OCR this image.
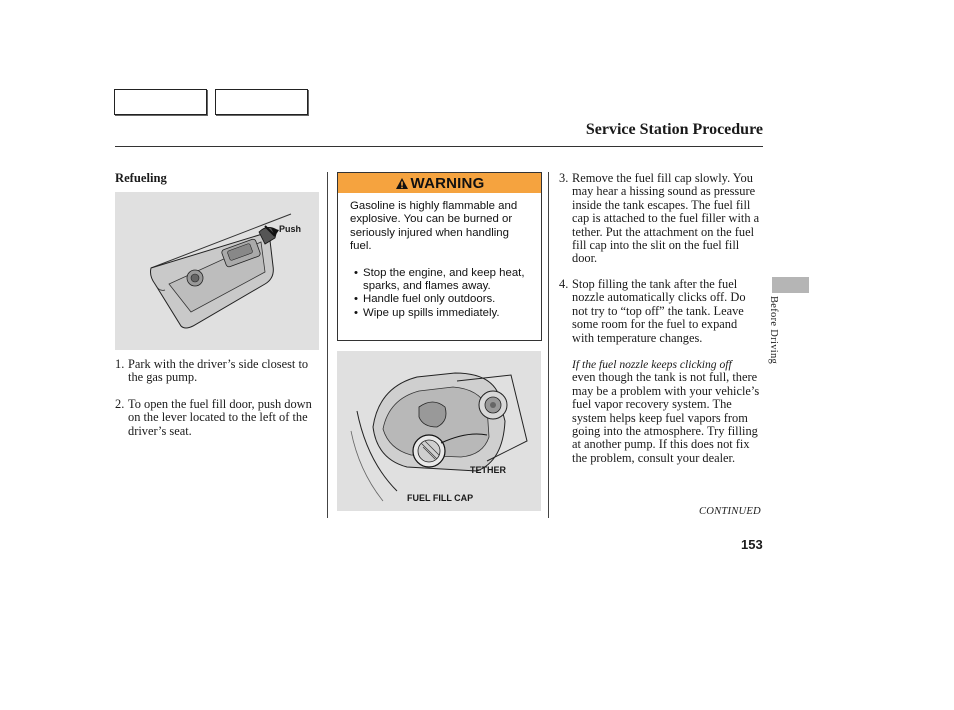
Service Station Procedure
Refueling
Push
1. Park with the driver’s side closest to the gas pump.
2. To open the fuel fill door, push down on the lever located to the left of the driver’s seat.
WARNING
Gasoline is highly flammable and explosive. You can be burned or seriously injured when handling fuel.
• Stop the engine, and keep heat, sparks, and flames away.
• Handle fuel only outdoors.
• Wipe up spills immediately.
TETHER
FUEL FILL CAP
3. Remove the fuel fill cap slowly. You may hear a hissing sound as pressure inside the tank escapes. The fuel fill cap is attached to the fuel filler with a tether. Put the attachment on the fuel fill cap into the slit on the fuel fill door.
4. Stop filling the tank after the fuel nozzle automatically clicks off. Do not try to “top off” the tank. Leave some room for the fuel to expand with temperature changes.
If the fuel nozzle keeps clicking off
even though the tank is not full, there may be a problem with your vehicle’s fuel vapor recovery system. The system helps keep fuel vapors from going into the atmosphere. Try filling at another pump. If this does not fix the problem, consult your dealer.
CONTINUED
153
Before Driving
